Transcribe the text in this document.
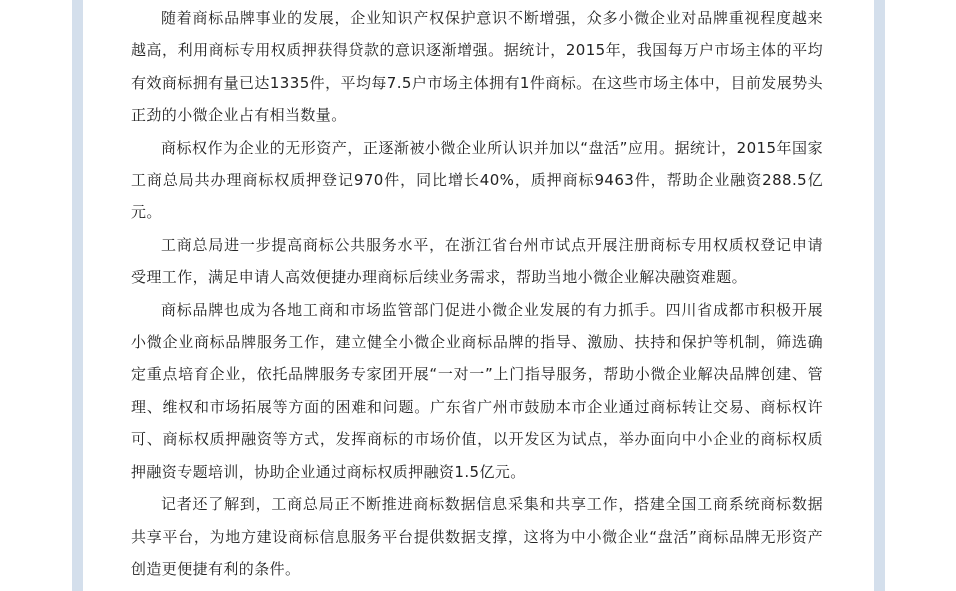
随着商标品牌事业的发展，企业知识产权保护意识不断增强，众多小微企业对品牌重视程度越来越高，利用商标专用权质押获得贷款的意识逐渐增强。据统计，2015年，我国每万户市场主体的平均有效商标拥有量已达1335件，平均每7.5户市场主体拥有1件商标。在这些市场主体中，目前发展势头正劲的小微企业占有相当数量。

商标权作为企业的无形资产，正逐渐被小微企业所认识并加以“盘活”应用。据统计，2015年国家工商总局共办理商标权质押登记970件，同比增长40%，质押商标9463件，帮助企业融资288.5亿元。

工商总局进一步提高商标公共服务水平，在浙江省台州市试点开展注册商标专用权质权登记申请受理工作，满足申请人高效便捷办理商标后续业务需求，帮助当地小微企业解决融资难题。

商标品牌也成为各地工商和市场监管部门促进小微企业发展的有力抓手。四川省成都市积极开展小微企业商标品牌服务工作，建立健全小微企业商标品牌的指导、激励、扶持和保护等机制，筛选确定重点培育企业，依托品牌服务专家团开展“一对一”上门指导服务，帮助小微企业解决品牌创建、管理、维权和市场拓展等方面的困难和问题。广东省广州市鼓励本市企业通过商标转让交易、商标权许可、商标权质押融资等方式，发挥商标的市场价值，以开发区为试点，举办面向中小企业的商标权质押融资专题培训，协助企业通过商标权质押融资1.5亿元。

记者还了解到，工商总局正不断推进商标数据信息采集和共享工作，搭建全国工商系统商标数据共享平台，为地方建设商标信息服务平台提供数据支撑，这将为中小微企业“盘活”商标品牌无形资产创造更便捷有利的条件。
